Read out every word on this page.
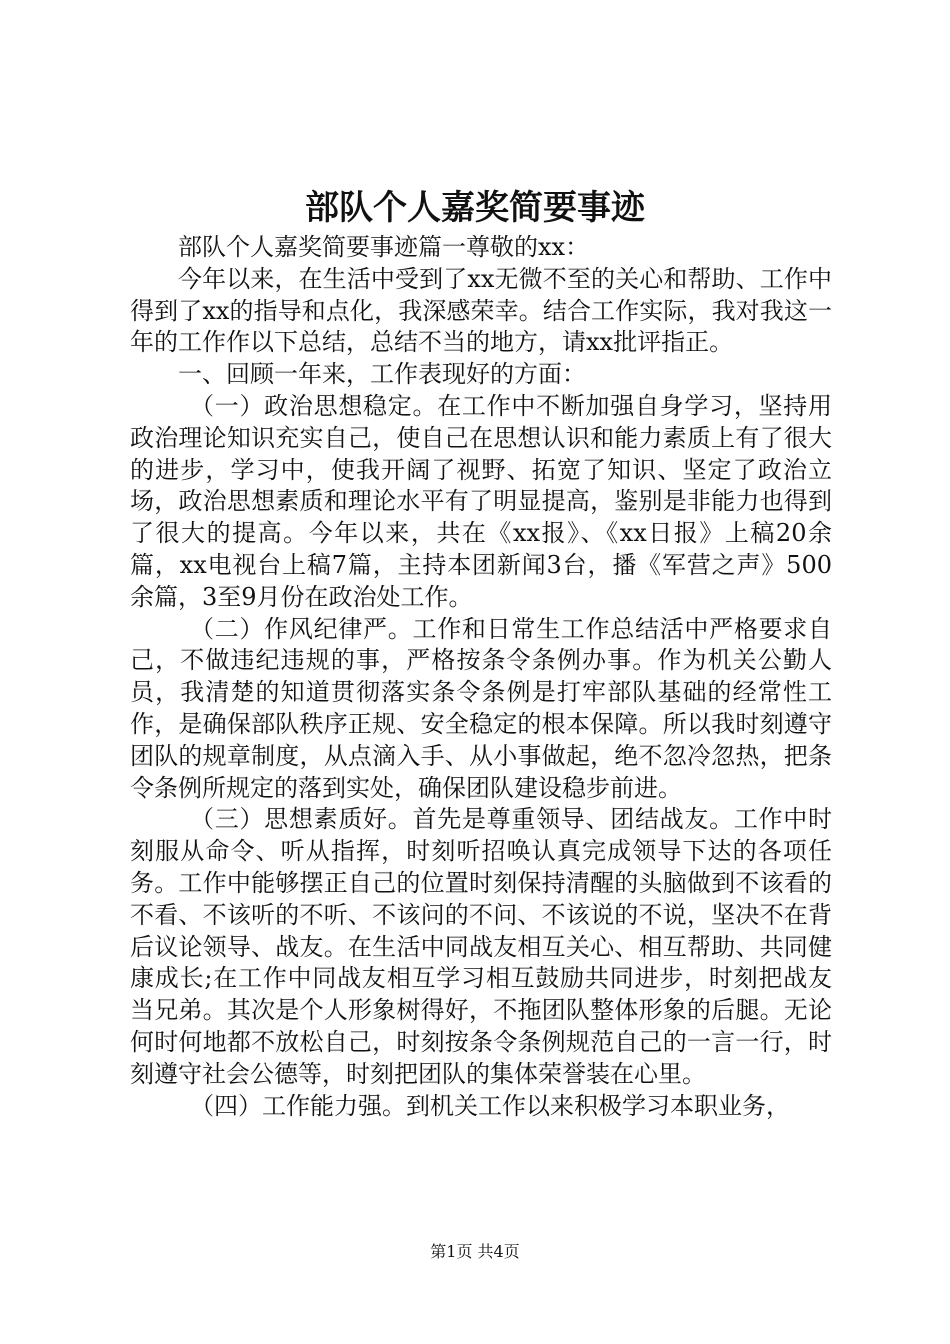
部队个人嘉奖简要事迹

部队个人嘉奖简要事迹篇一尊敬的xx：

今年以来，在生活中受到了xx无微不至的关心和帮助、工作中得到了xx的指导和点化，我深感荣幸。结合工作实际，我对我这一年的工作作以下总结，总结不当的地方，请xx批评指正。

一、回顾一年来，工作表现好的方面：

（一）政治思想稳定。在工作中不断加强自身学习，坚持用政治理论知识充实自己，使自己在思想认识和能力素质上有了很大的进步，学习中，使我开阔了视野、拓宽了知识、坚定了政治立场，政治思想素质和理论水平有了明显提高，鉴别是非能力也得到了很大的提高。今年以来，共在《xx报》、《xx日报》上稿20余篇，xx电视台上稿7篇，主持本团新闻3台，播《军营之声》500余篇，3至9月份在政治处工作。

（二）作风纪律严。工作和日常生工作总结活中严格要求自己，不做违纪违规的事，严格按条令条例办事。作为机关公勤人员，我清楚的知道贯彻落实条令条例是打牢部队基础的经常性工作，是确保部队秩序正规、安全稳定的根本保障。所以我时刻遵守团队的规章制度，从点滴入手、从小事做起，绝不忽冷忽热，把条令条例所规定的落到实处，确保团队建设稳步前进。

（三）思想素质好。首先是尊重领导、团结战友。工作中时刻服从命令、听从指挥，时刻听招唤认真完成领导下达的各项任务。工作中能够摆正自己的位置时刻保持清醒的头脑做到不该看的不看、不该听的不听、不该问的不问、不该说的不说，坚决不在背后议论领导、战友。在生活中同战友相互关心、相互帮助、共同健康成长;在工作中同战友相互学习相互鼓励共同进步，时刻把战友当兄弟。其次是个人形象树得好，不拖团队整体形象的后腿。无论何时何地都不放松自己，时刻按条令条例规范自己的一言一行，时刻遵守社会公德等，时刻把团队的集体荣誉装在心里。

（四）工作能力强。到机关工作以来积极学习本职业务，

第1页 共4页
